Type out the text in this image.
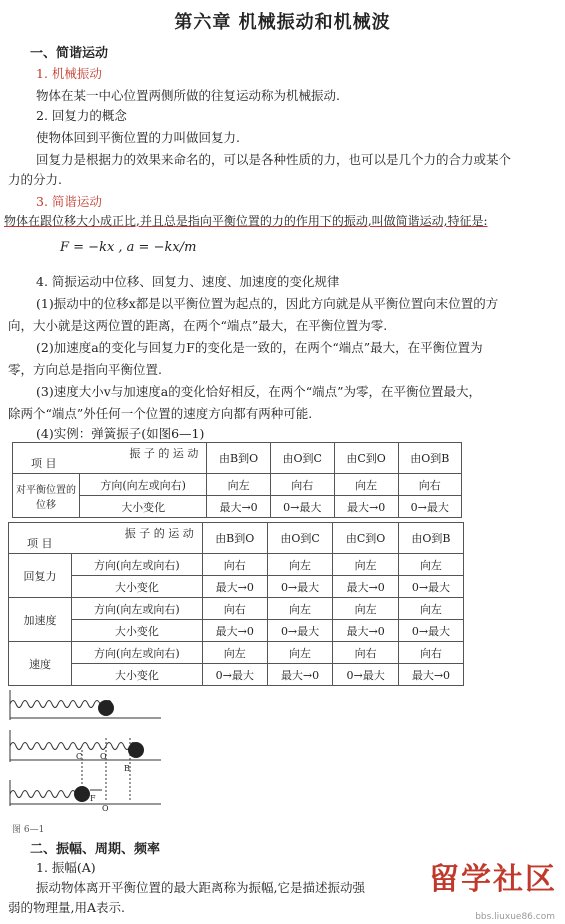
第六章 机械振动和机械波
一、简谐运动
1. 机械振动
物体在某一中心位置两侧所做的往复运动称为机械振动.
2. 回复力的概念
使物体回到平衡位置的力叫做回复力.
回复力是根据力的效果来命名的，可以是各种性质的力，也可以是几个力的合力或某个
力的分力.
3. 简谐运动
物体在跟位移大小成正比,并且总是指向平衡位置的力的作用下的振动,叫做简谐运动,特征是:
F = −kx , a = −kx/m
4. 简振运动中位移、回复力、速度、加速度的变化规律
(1)振动中的位移x都是以平衡位置为起点的，因此方向就是从平衡位置向末位置的方
向，大小就是这两位置的距离，在两个“端点”最大，在平衡位置为零.
(2)加速度a的变化与回复力F的变化是一致的，在两个“端点”最大，在平衡位置为
零，方向总是指向平衡位置.
(3)速度大小v与加速度a的变化恰好相反，在两个“端点”为零，在平衡位置最大，
除两个“端点”外任何一个位置的速度方向都有两种可能.
(4)实例：弹簧振子(如图6—1)
振 子 的 运 动
项 目		由B到O	由O到C	由C到O	由O到B
对平衡位置的位移	方向(向左或向右)	向左	向右	向左	向右
	大小变化	最大→0	0→最大	最大→0	0→最大
振 子 的 运 动
项 目		由B到O	由O到C	由C到O	由O到B
回复力	方向(向左或向右)	向右	向左	向左	向左
	大小变化	最大→0	0→最大	最大→0	0→最大
加速度	方向(向左或向右)	向右	向左	向左	向左
	大小变化	最大→0	0→最大	最大→0	0→最大
速度	方向(向左或向右)	向左	向左	向右	向右
	大小变化	0→最大	最大→0	0→最大	最大→0
C O
B
F
O
图 6—1
二、振幅、周期、频率
1. 振幅(A)
振动物体离开平衡位置的最大距离称为振幅,它是描述振动强
弱的物理量,用A表示.
留学社区
bbs.liuxue86.com
